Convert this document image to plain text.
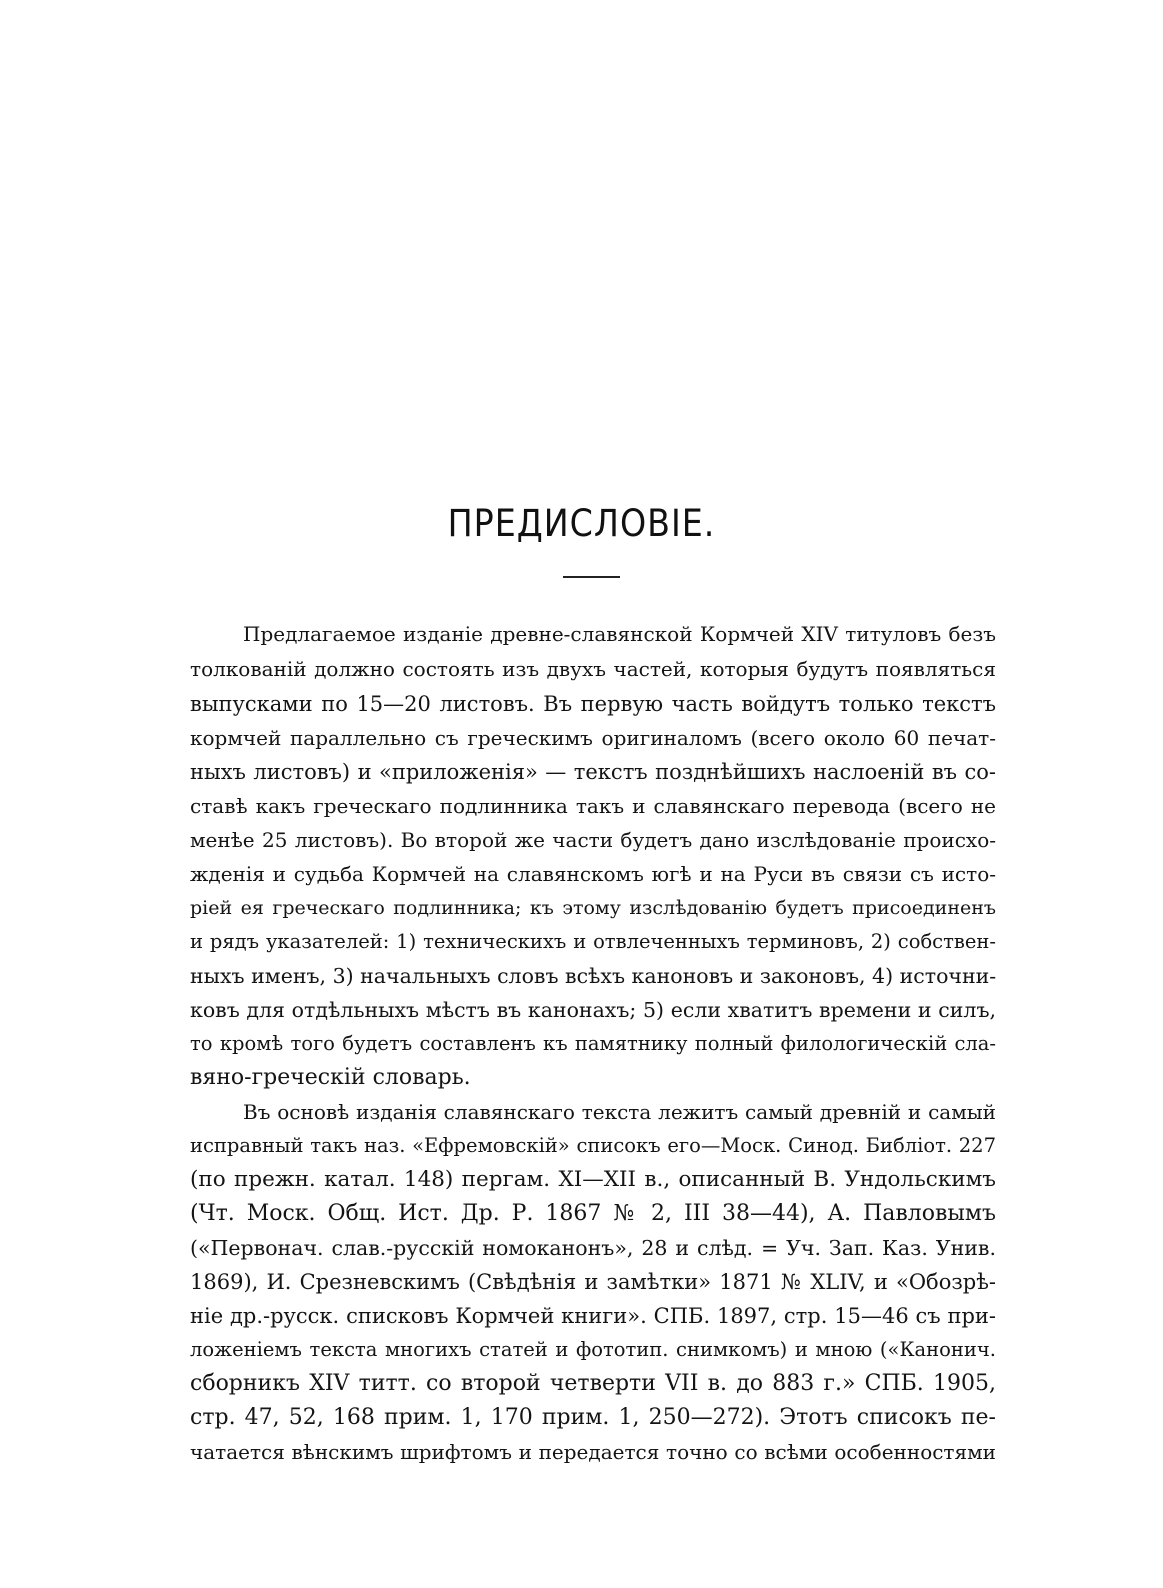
ПРЕДИСЛОВІЕ.
Предлагаемое изданіе древне-славянской Кормчей XIV титуловъ безъ
толкованій должно состоять изъ двухъ частей, которыя будутъ появляться
выпусками по 15—20 листовъ. Въ первую часть войдутъ только текстъ
кормчей параллельно съ греческимъ оригиналомъ (всего около 60 печат-
ныхъ листовъ) и «приложенія» — текстъ позднѣйшихъ наслоеній въ со-
ставѣ какъ греческаго подлинника такъ и славянскаго перевода (всего не
менѣе 25 листовъ). Во второй же части будетъ дано изслѣдованіе происхо-
жденія и судьба Кормчей на славянскомъ югѣ и на Руси въ связи съ исто-
ріей ея греческаго подлинника; къ этому изслѣдованію будетъ присоединенъ
и рядъ указателей: 1) техническихъ и отвлеченныхъ терминовъ, 2) собствен-
ныхъ именъ, 3) начальныхъ словъ всѣхъ каноновъ и законовъ, 4) источни-
ковъ для отдѣльныхъ мѣстъ въ канонахъ; 5) если хватитъ времени и силъ,
то кромѣ того будетъ составленъ къ памятнику полный филологическій сла-
вяно-греческій словарь.
Въ основѣ изданія славянскаго текста лежитъ самый древній и самый
исправный такъ наз. «Ефремовскій» списокъ его—Моск. Синод. Библіот. 227
(по прежн. катал. 148) пергам. XI—XII в., описанный В. Ундольскимъ
(Чт. Моск. Общ. Ист. Др. Р. 1867 № 2, III 38—44), А. Павловымъ
(«Первонач. слав.-русскій номоканонъ», 28 и слѣд. = Уч. Зап. Каз. Унив.
1869), И. Срезневскимъ (Свѣдѣнія и замѣтки» 1871 № XLIV, и «Обозрѣ-
ніе др.-русск. списковъ Кормчей книги». СПБ. 1897, стр. 15—46 съ при-
ложеніемъ текста многихъ статей и фототип. снимкомъ) и мною («Канонич.
сборникъ XIV титт. со второй четверти VII в. до 883 г.» СПБ. 1905,
стр. 47, 52, 168 прим. 1, 170 прим. 1, 250—272). Этотъ списокъ пе-
чатается вѣнскимъ шрифтомъ и передается точно со всѣми особенностями
